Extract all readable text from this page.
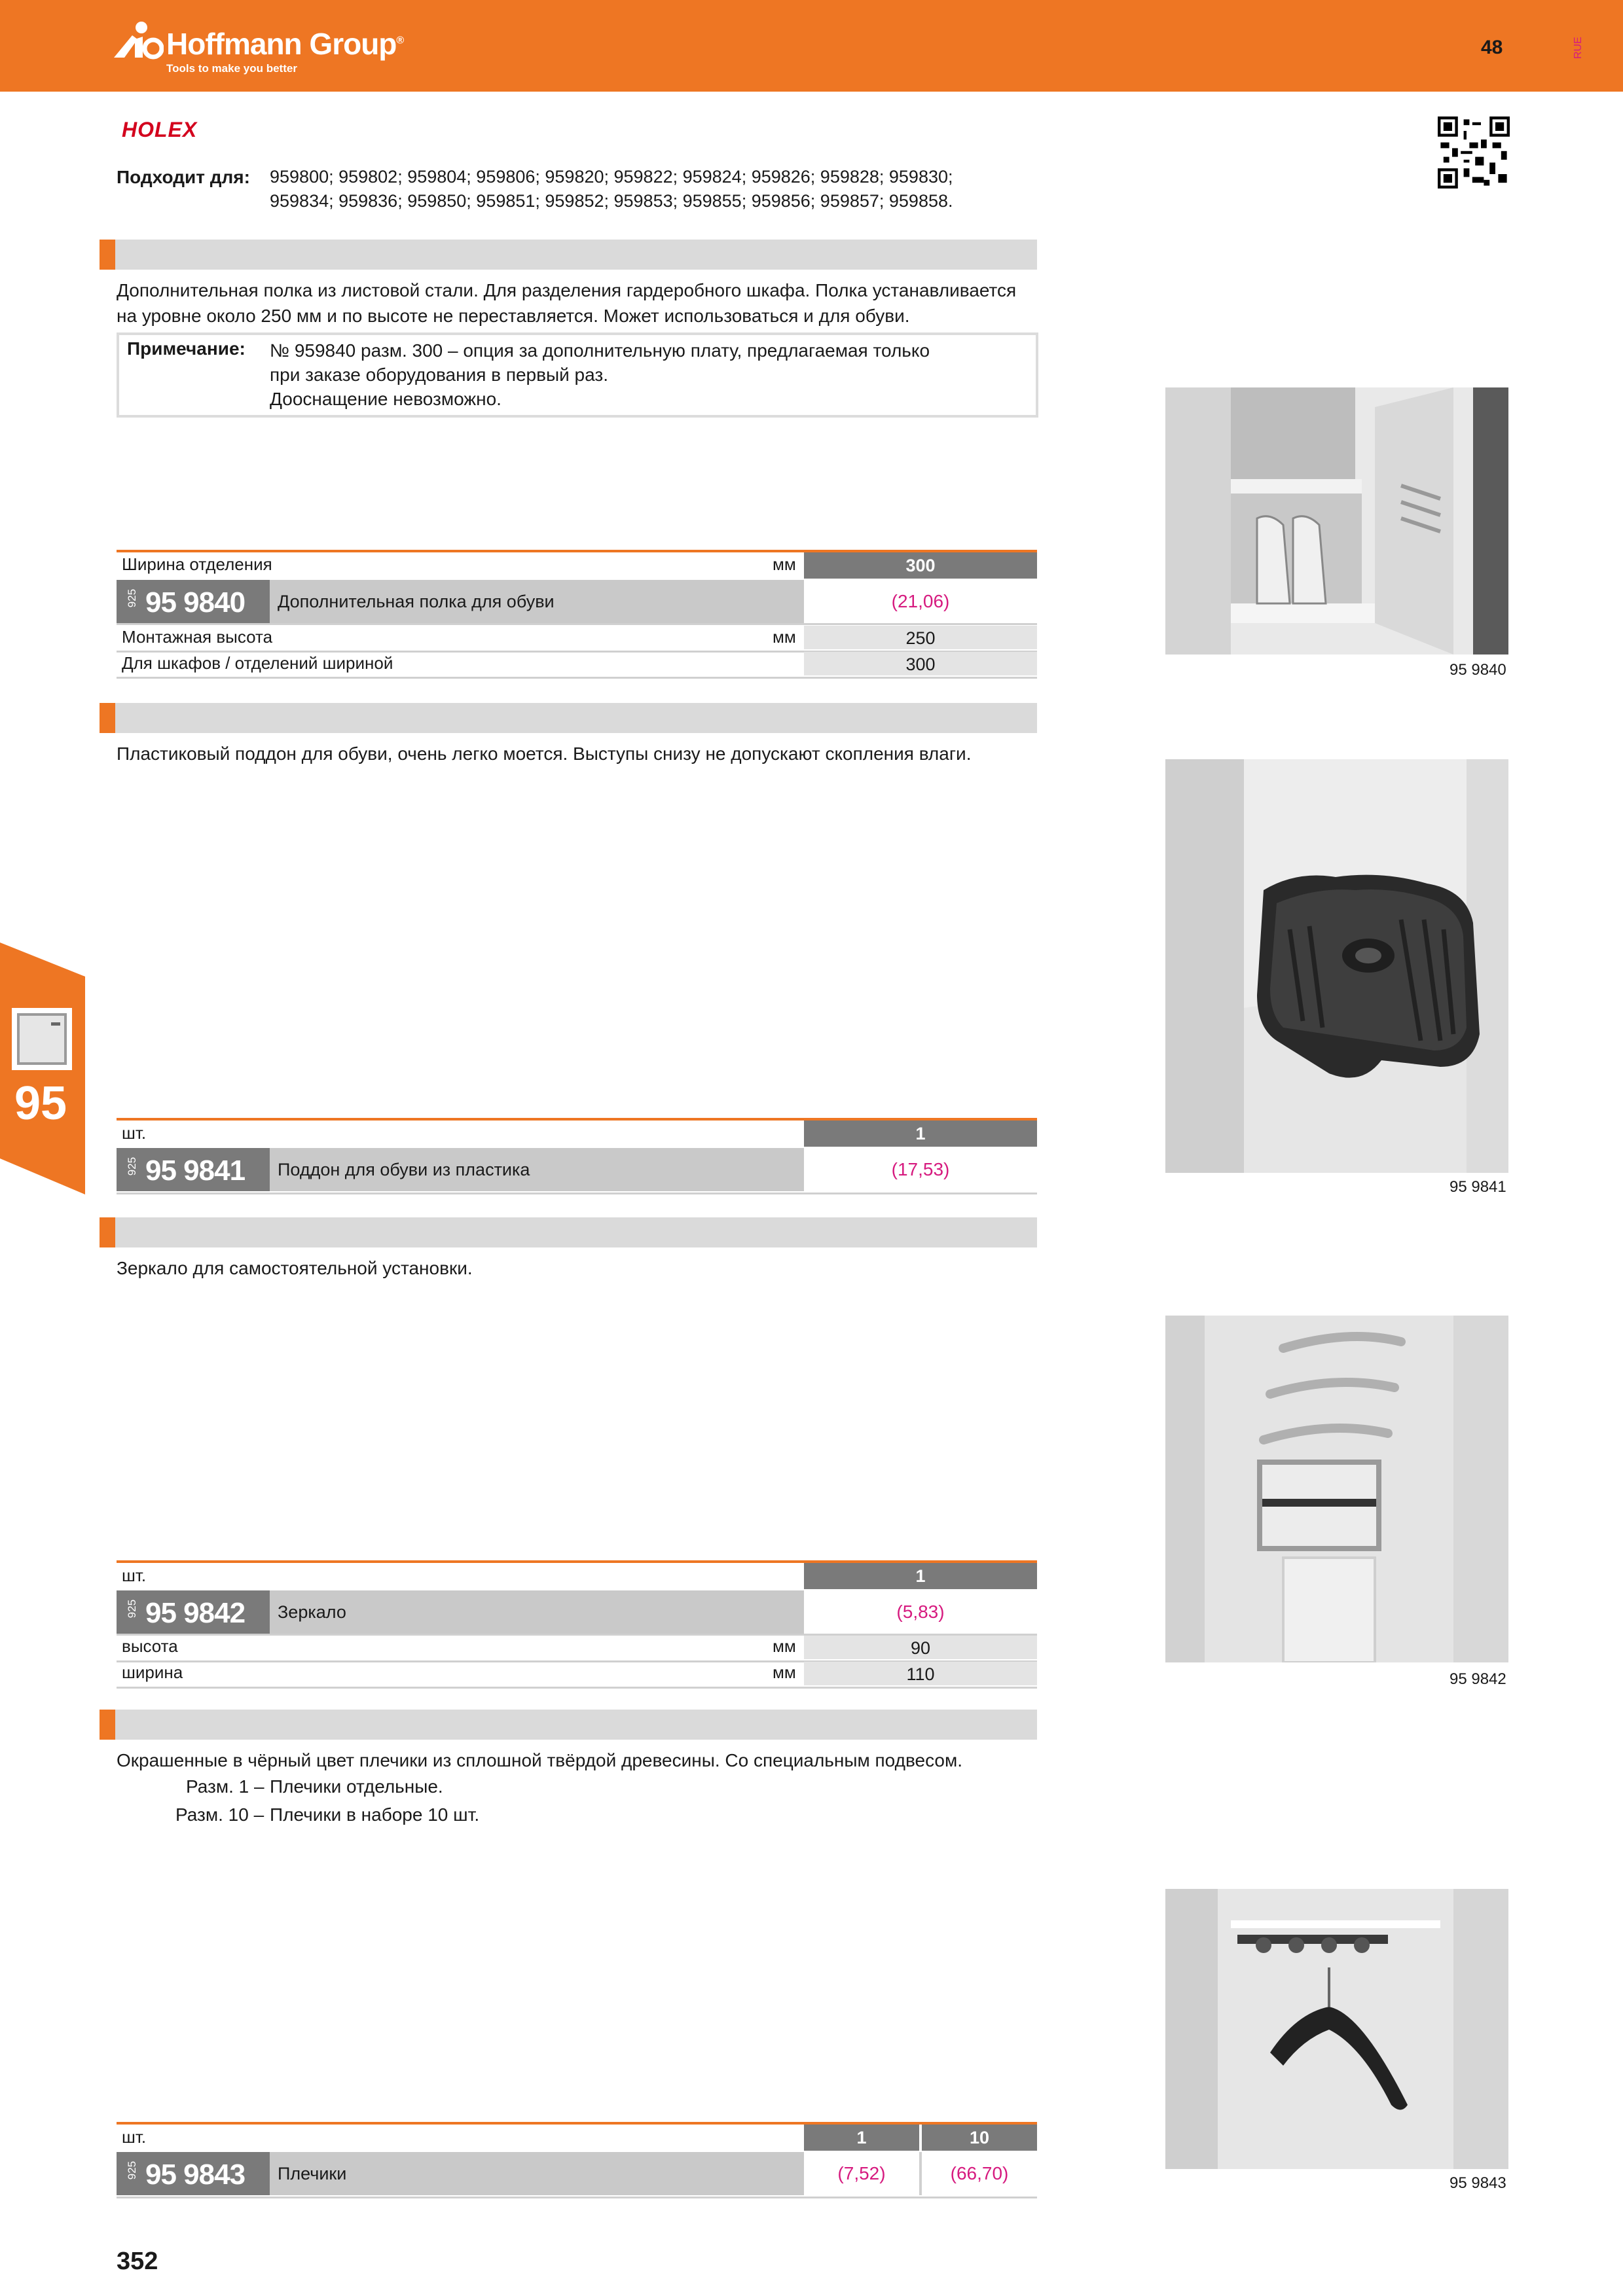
Hoffmann Group®
Tools to make you better
48	RUE
95
HOLEX
Подходит для: 959800; 959802; 959804; 959806; 959820; 959822; 959824; 959826; 959828; 959830;
959834; 959836; 959850; 959851; 959852; 959853; 959855; 959856; 959857; 959858.
Дополнительная полка из листовой стали. Для разделения гардеробного шкафа. Полка устанавливается
на уровне около 250 мм и по высоте не переставляется. Может использоваться и для обуви.
Примечание: № 959840 разм. 300 – опция за дополнительную плату, предлагаемая только
при заказе оборудования в первый раз.
Дооснащение невозможно.
Ширина отделения	мм	300
925 95 9840	Дополнительная полка для обуви	(21,06)
Монтажная высота	мм	250
Для шкафов / отделений шириной	300	95 9840
Пластиковый поддон для обуви, очень легко моется. Выступы снизу не допускают скопления влаги.
шт.	1
925 95 9841	Поддон для обуви из пластика	(17,53)
95 9841
Зеркало для самостоятельной установки.
шт.	1
925 95 9842	Зеркало	(5,83)
высота	мм	90
ширина	мм	110	95 9842
Окрашенные в чёрный цвет плечики из сплошной твёрдой древесины. Со специальным подвесом.
Разм. 1 – Плечики отдельные.
Разм. 10 – Плечики в наборе 10 шт.
шт.	1	10
925 95 9843	Плечики	(7,52)	(66,70)	95 9843
352
